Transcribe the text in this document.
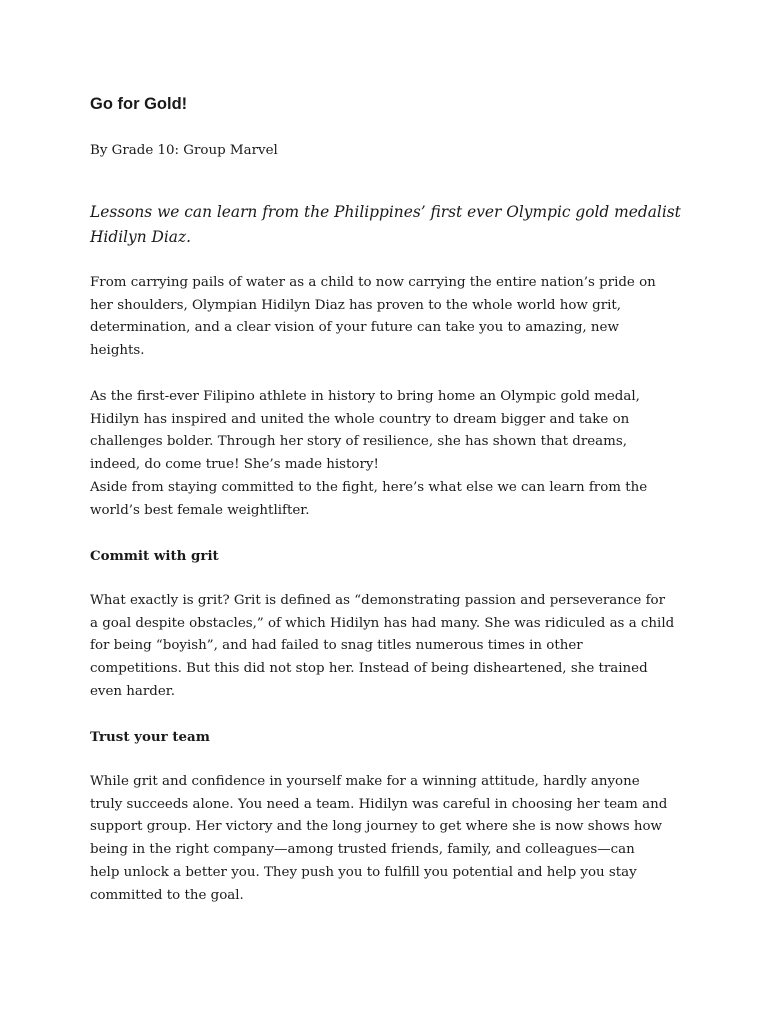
Go for Gold!

By Grade 10: Group Marvel

Lessons we can learn from the Philippines’ first ever Olympic gold medalist
Hidilyn Diaz.

From carrying pails of water as a child to now carrying the entire nation’s pride on
her shoulders, Olympian Hidilyn Diaz has proven to the whole world how grit,
determination, and a clear vision of your future can take you to amazing, new
heights.

As the first-ever Filipino athlete in history to bring home an Olympic gold medal,
Hidilyn has inspired and united the whole country to dream bigger and take on
challenges bolder. Through her story of resilience, she has shown that dreams,
indeed, do come true! She’s made history!
Aside from staying committed to the fight, here’s what else we can learn from the
world’s best female weightlifter.

Commit with grit

What exactly is grit? Grit is defined as “demonstrating passion and perseverance for
a goal despite obstacles,” of which Hidilyn has had many. She was ridiculed as a child
for being “boyish”, and had failed to snag titles numerous times in other
competitions. But this did not stop her. Instead of being disheartened, she trained
even harder.

Trust your team

While grit and confidence in yourself make for a winning attitude, hardly anyone
truly succeeds alone. You need a team. Hidilyn was careful in choosing her team and
support group. Her victory and the long journey to get where she is now shows how
being in the right company—among trusted friends, family, and colleagues—can
help unlock a better you. They push you to fulfill you potential and help you stay
committed to the goal.
